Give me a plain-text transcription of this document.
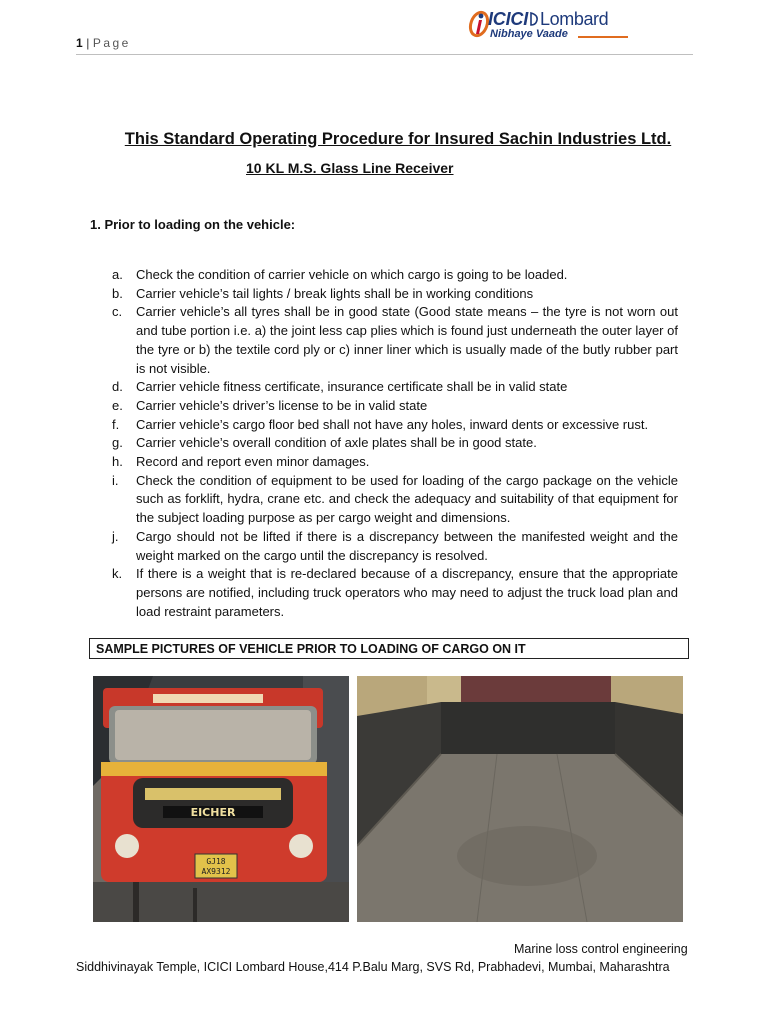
1 | Page
ICICI Lombard
Nibhaye Vaade
This Standard Operating Procedure for Insured Sachin Industries Ltd.
10 KL M.S. Glass Line Receiver
1. Prior to loading on the vehicle:
a.	Check the condition of carrier vehicle on which cargo is going to be loaded.
b.	Carrier vehicle’s tail lights / break lights shall be in working conditions
c.	Carrier vehicle’s all tyres shall be in good state (Good state means – the tyre is not worn out and tube portion i.e. a) the joint less cap plies which is found just underneath the outer layer of the tyre or b) the textile cord ply or c) inner liner which is usually made of the butly rubber part is not visible.
d.	Carrier vehicle fitness certificate, insurance certificate shall be in valid state
e.	Carrier vehicle’s driver’s license to be in valid state
f.	Carrier vehicle’s cargo floor bed shall not have any holes, inward dents or excessive rust.
g.	Carrier vehicle’s overall condition of axle plates shall be in good state.
h.	Record and report even minor damages.
i.	Check the condition of equipment to be used for loading of the cargo package on the vehicle such as forklift, hydra, crane etc. and check the adequacy and suitability of that equipment for the subject loading purpose as per cargo weight and dimensions.
j.	Cargo should not be lifted if there is a discrepancy between the manifested weight and the weight marked on the cargo until the discrepancy is resolved.
k.	If there is a weight that is re-declared because of a discrepancy, ensure that the appropriate persons are notified, including truck operators who may need to adjust the truck load plan and load restraint parameters.
SAMPLE PICTURES OF VEHICLE PRIOR TO LOADING OF CARGO ON IT
EICHER
GJ18
AX9312
Marine loss control engineering
Siddhivinayak Temple, ICICI Lombard House,414 P.Balu Marg, SVS Rd, Prabhadevi, Mumbai, Maharashtra
